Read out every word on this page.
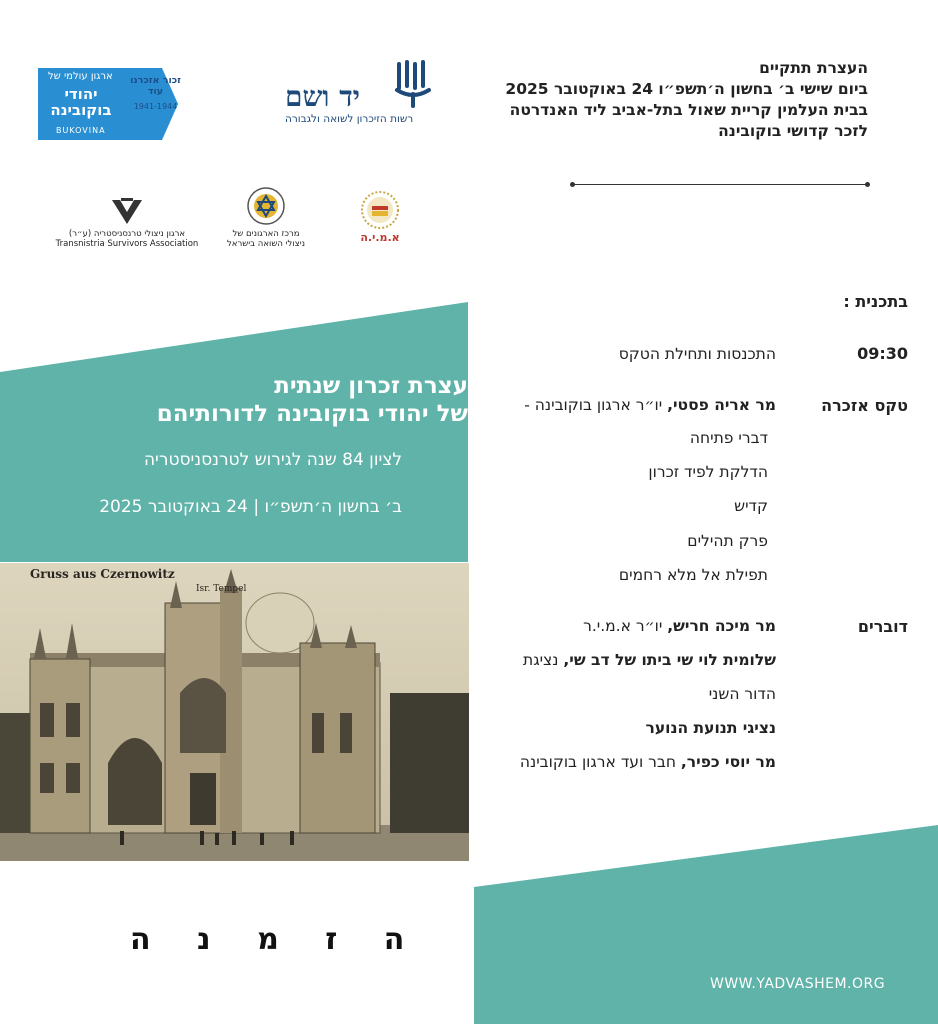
העצרת תתקיים
ביום שישי ב׳ בחשון ה׳תשפ״ו 24 באוקטובר 2025
בבית העלמין קריית שאול בתל-אביב ליד האנדרטה
לזכר קדושי בוקובינה
ארגון עולמי של
יהודי בוקובינה
BUKOVINA
זכור אזכרנו עוד
1941-1944	יד ושם
רשות הזיכרון לשואה ולגבורה
ארגון ניצולי טרנסניסטריה (ע״ר)
Transnistria Survivors Association
מרכז הארגונים של
ניצולי השואה בישראל	א.מ.י.ה
עצרת זכרון שנתית
של יהודי בוקובינה לדורותיהם
לציון 84 שנה לגירוש לטרנסניסטריה
ב׳ בחשון ה׳תשפ״ו | 24 באוקטובר 2025
Gruss aus Czernowitz
Isr. Tempel
ה ז מ נ ה
WWW.YADVASHEM.ORG
בתכנית :
09:30
התכנסות ותחילת הטקס
טקס אזכרה
מר אריה פסטי, יו״ר ארגון בוקובינה -
דברי פתיחה
הדלקת לפיד זכרון
קדיש
פרק תהילים
תפילת אל מלא רחמים
דוברים
מר מיכה חריש, יו״ר א.מ.י.ר
שלומית לוי שי ביתו של דב שי, נציגת
הדור השני
נציגי תנועת הנוער
מר יוסי כפיר, חבר ועד ארגון בוקובינה
